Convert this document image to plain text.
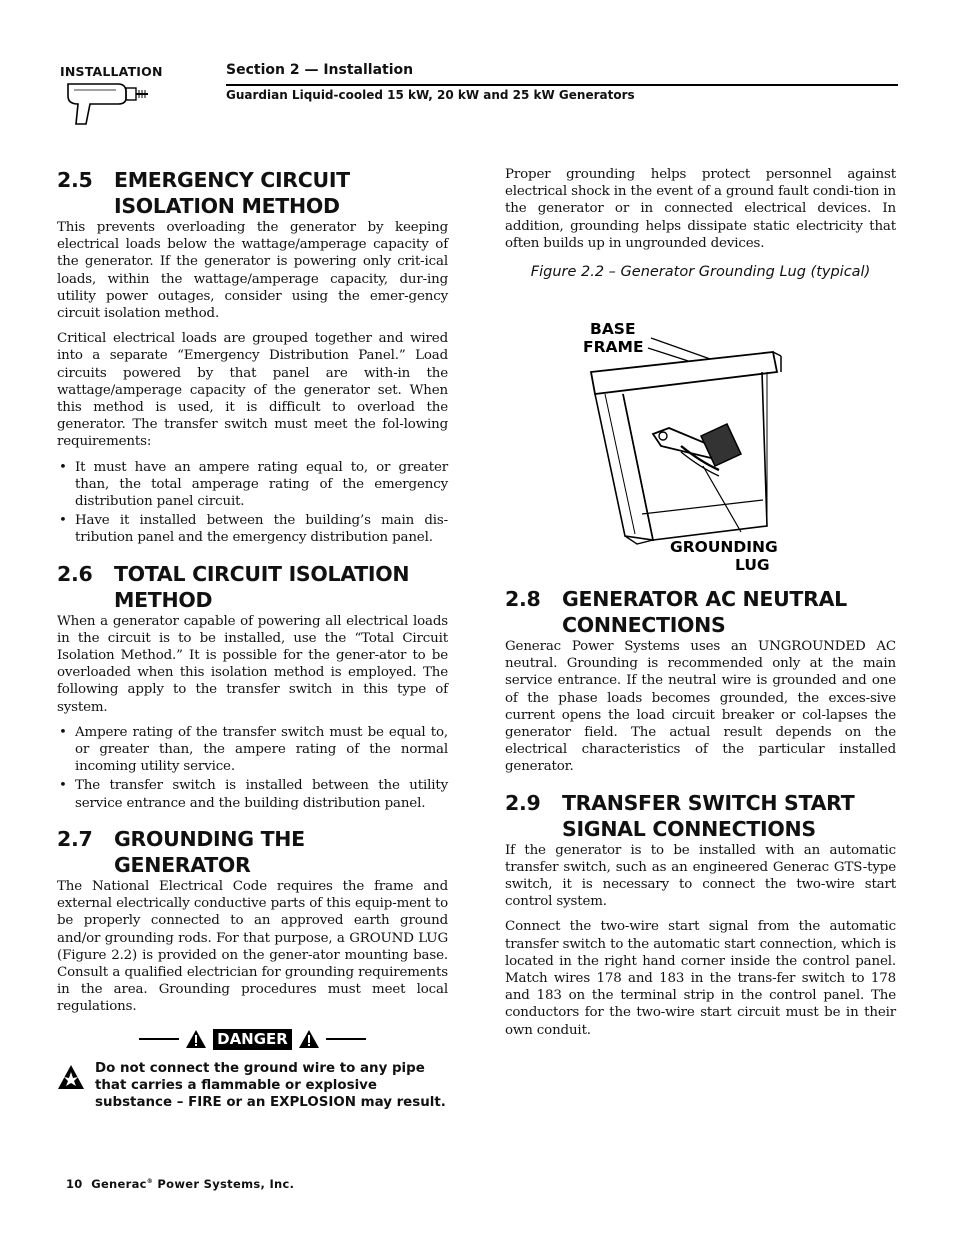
INSTALLATION	Section 2 — Installation
Guardian Liquid-cooled 15 kW, 20 kW and 25 kW Generators
2.5	EMERGENCY CIRCUIT ISOLATION METHOD

This prevents overloading the generator by keeping electrical loads below the wattage/amperage capacity of the generator. If the generator is powering only crit-ical loads, within the wattage/amperage capacity, dur-ing utility power outages, consider using the emer-gency circuit isolation method.

Critical electrical loads are grouped together and wired into a separate “Emergency Distribution Panel.” Load circuits powered by that panel are with-in the wattage/amperage capacity of the generator set. When this method is used, it is difficult to overload the generator. The transfer switch must meet the fol-lowing requirements:

• It must have an ampere rating equal to, or greater than, the total amperage rating of the emergency distribution panel circuit.
• Have it installed between the building’s main dis-tribution panel and the emergency distribution panel.
2.6	TOTAL CIRCUIT ISOLATION METHOD

When a generator capable of powering all electrical loads in the circuit is to be installed, use the “Total Circuit Isolation Method.” It is possible for the gener-ator to be overloaded when this isolation method is employed. The following apply to the transfer switch in this type of system.

• Ampere rating of the transfer switch must be equal to, or greater than, the ampere rating of the normal incoming utility service.
• The transfer switch is installed between the utility service entrance and the building distribution panel.
2.7	GROUNDING THE GENERATOR

The National Electrical Code requires the frame and external electrically conductive parts of this equip-ment to be properly connected to an approved earth ground and/or grounding rods. For that purpose, a GROUND LUG (Figure 2.2) is provided on the gener-ator mounting base. Consult a qualified electrician for grounding requirements in the area. Grounding procedures must meet local regulations.

DANGER
Do not connect the ground wire to any pipe that carries a flammable or explosive substance – FIRE or an EXPLOSION may result.

Proper grounding helps protect personnel against electrical shock in the event of a ground fault condi-tion in the generator or in connected electrical devices. In addition, grounding helps dissipate static electricity that often builds up in ungrounded devices.

Figure 2.2 – Generator Grounding Lug (typical)
BASE
FRAME
GROUNDING
LUG
2.8	GENERATOR AC NEUTRAL CONNECTIONS

Generac Power Systems uses an UNGROUNDED AC neutral. Grounding is recommended only at the main service entrance. If the neutral wire is grounded and one of the phase loads becomes grounded, the exces-sive current opens the load circuit breaker or col-lapses the generator field. The actual result depends on the electrical characteristics of the particular installed generator.

2.9	TRANSFER SWITCH START SIGNAL CONNECTIONS

If the generator is to be installed with an automatic transfer switch, such as an engineered Generac GTS-type switch, it is necessary to connect the two-wire start control system.

Connect the two-wire start signal from the automatic transfer switch to the automatic start connection, which is located in the right hand corner inside the control panel. Match wires 178 and 183 in the trans-fer switch to 178 and 183 on the terminal strip in the control panel. The conductors for the two-wire start circuit must be in their own conduit.

10 Generac® Power Systems, Inc.
